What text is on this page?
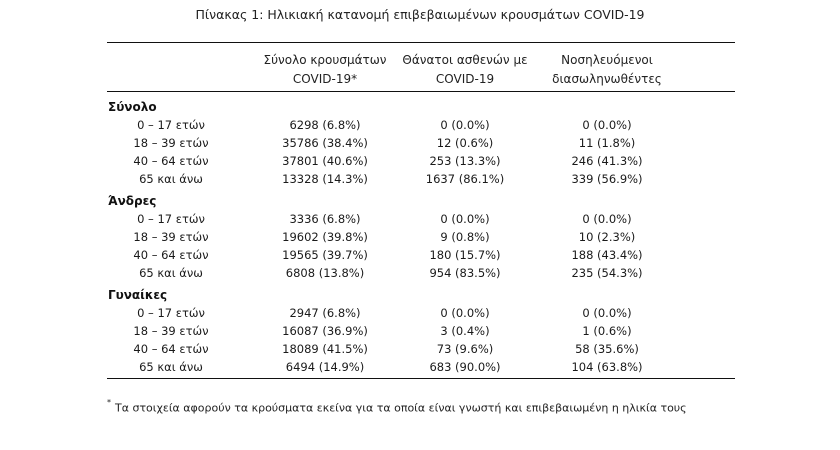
Πίνακας 1: Ηλικιακή κατανομή επιβεβαιωμένων κρουσμάτων COVID-19
Σύνολο κρουσμάτων
COVID-19*
Θάνατοι ασθενών με
COVID-19
Νοσηλευόμενοι
διασωληνωθέντες
Σύνολο
0 – 17 ετών	6298 (6.8%)	0 (0.0%)	0 (0.0%)
18 – 39 ετών	35786 (38.4%)	12 (0.6%)	11 (1.8%)
40 – 64 ετών	37801 (40.6%)	253 (13.3%)	246 (41.3%)
65 και άνω	13328 (14.3%)	1637 (86.1%)	339 (56.9%)
Άνδρες
0 – 17 ετών	3336 (6.8%)	0 (0.0%)	0 (0.0%)
18 – 39 ετών	19602 (39.8%)	9 (0.8%)	10 (2.3%)
40 – 64 ετών	19565 (39.7%)	180 (15.7%)	188 (43.4%)
65 και άνω	6808 (13.8%)	954 (83.5%)	235 (54.3%)
Γυναίκες
0 – 17 ετών	2947 (6.8%)	0 (0.0%)	0 (0.0%)
18 – 39 ετών	16087 (36.9%)	3 (0.4%)	1 (0.6%)
40 – 64 ετών	18089 (41.5%)	73 (9.6%)	58 (35.6%)
65 και άνω	6494 (14.9%)	683 (90.0%)	104 (63.8%)
* Τα στοιχεία αφορούν τα κρούσματα εκείνα για τα οποία είναι γνωστή και επιβεβαιωμένη η ηλικία τους
